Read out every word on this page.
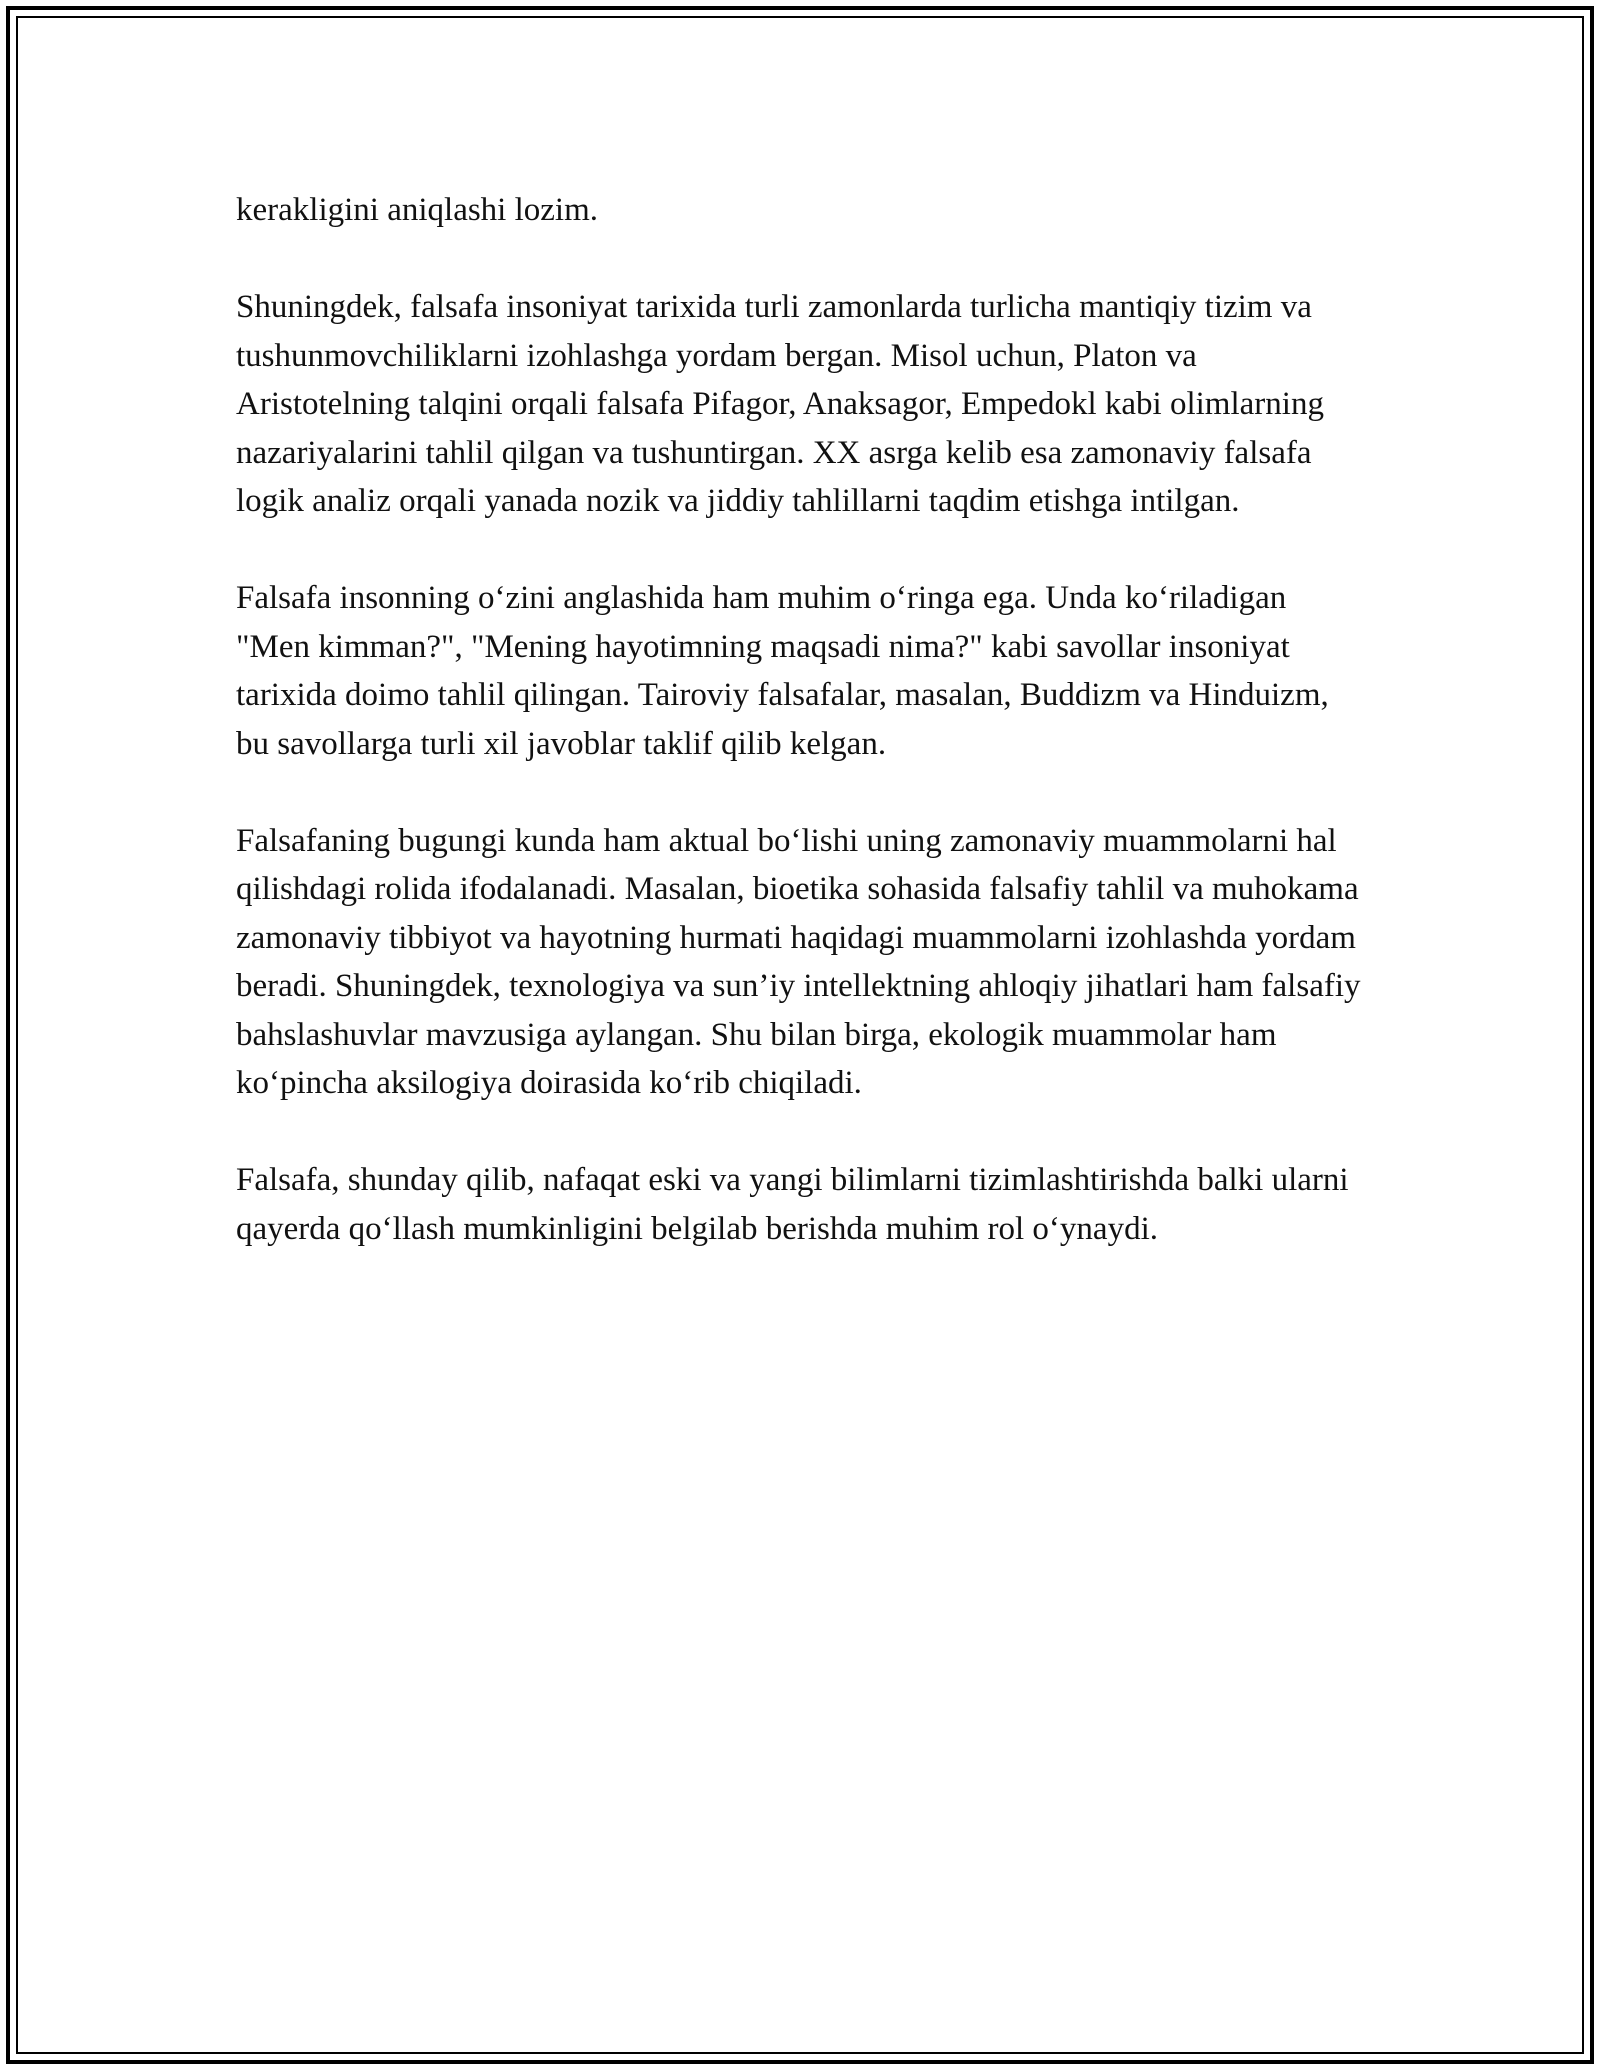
kerakligini aniqlashi lozim.

Shuningdek, falsafa insoniyat tarixida turli zamonlarda turlicha mantiqiy tizim va tushunmovchiliklarni izohlashga yordam bergan. Misol uchun, Platon va Aristotelning talqini orqali falsafa Pifagor, Anaksagor, Empedokl kabi olimlarning nazariyalarini tahlil qilgan va tushuntirgan. XX asrga kelib esa zamonaviy falsafa logik analiz orqali yanada nozik va jiddiy tahlillarni taqdim etishga intilgan.

Falsafa insonning o‘zini anglashida ham muhim o‘ringa ega. Unda ko‘riladigan "Men kimman?", "Mening hayotimning maqsadi nima?" kabi savollar insoniyat tarixida doimo tahlil qilingan. Tairoviy falsafalar, masalan, Buddizm va Hinduizm, bu savollarga turli xil javoblar taklif qilib kelgan.

Falsafaning bugungi kunda ham aktual bo‘lishi uning zamonaviy muammolarni hal qilishdagi rolida ifodalanadi. Masalan, bioetika sohasida falsafiy tahlil va muhokama zamonaviy tibbiyot va hayotning hurmati haqidagi muammolarni izohlashda yordam beradi. Shuningdek, texnologiya va sun’iy intellektning ahloqiy jihatlari ham falsafiy bahslashuvlar mavzusiga aylangan. Shu bilan birga, ekologik muammolar ham ko‘pincha aksilogiya doirasida ko‘rib chiqiladi.

Falsafa, shunday qilib, nafaqat eski va yangi bilimlarni tizimlashtirishda balki ularni qayerda qo‘llash mumkinligini belgilab berishda muhim rol o‘ynaydi.
